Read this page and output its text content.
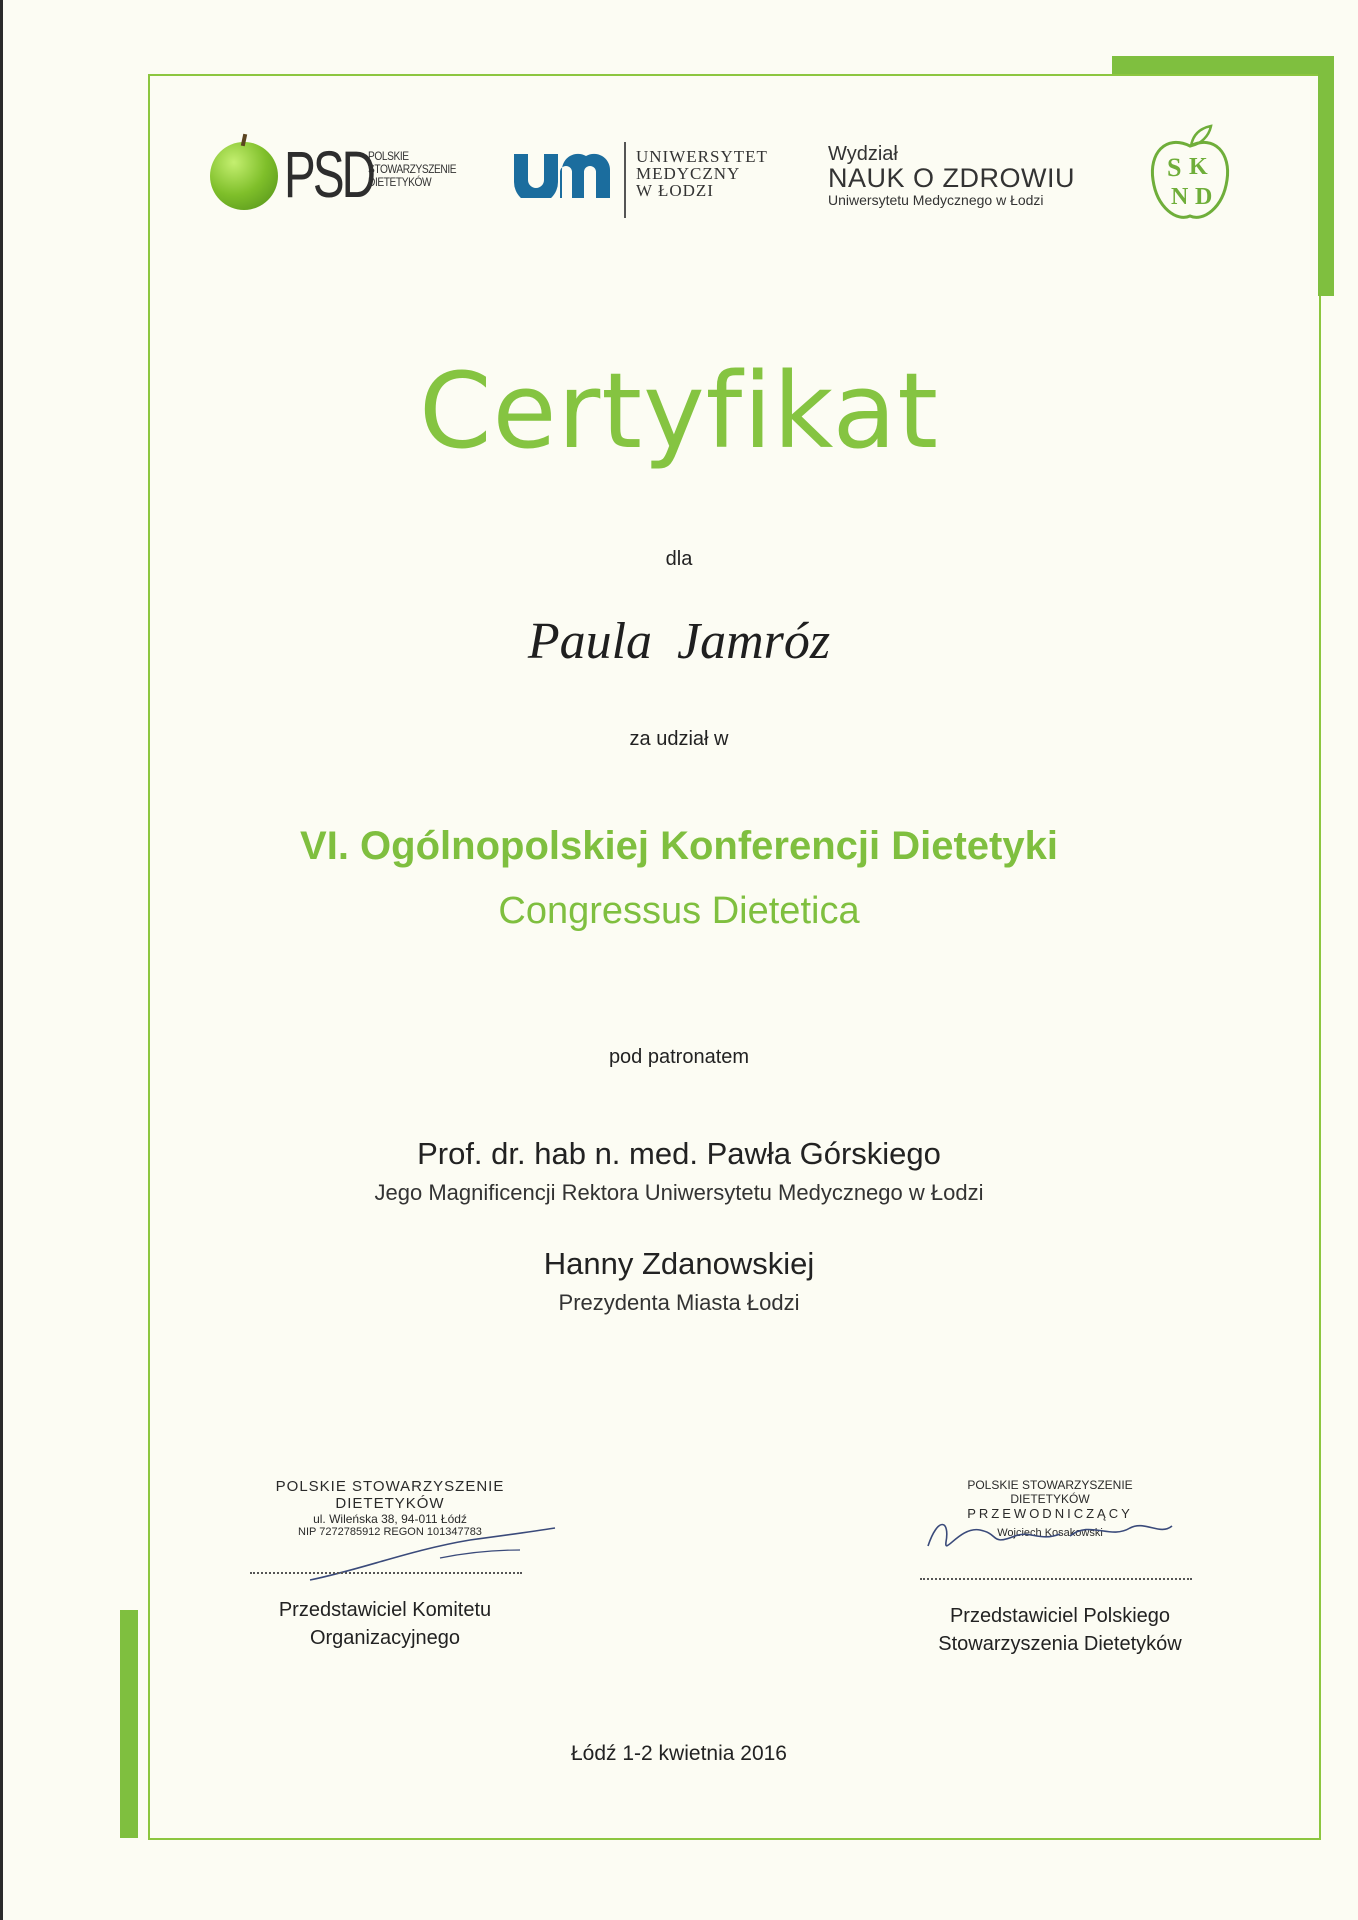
PSD
POLSKIE
STOWARZYSZENIE
DIETETYKÓW
UNIWERSYTET
MEDYCZNY
W ŁODZI
Wydział
NAUK O ZDROWIU
Uniwersytetu Medycznego w Łodzi
S K
N D
Certyfikat
dla
Paula Jamróz
za udział w
VI. Ogólnopolskiej Konferencji Dietetyki
Congressus Dietetica
pod patronatem
Prof. dr. hab n. med. Pawła Górskiego
Jego Magnificencji Rektora Uniwersytetu Medycznego w Łodzi
Hanny Zdanowskiej
Prezydenta Miasta Łodzi
POLSKIE STOWARZYSZENIE
DIETETYKÓW
ul. Wileńska 38, 94-011 Łódź
NIP 7272785912 REGON 101347783
Przedstawiciel Komitetu
Organizacyjnego
POLSKIE STOWARZYSZENIE
DIETETYKÓW
PRZEWODNICZĄCY
Wojciech Kosakowski
Przedstawiciel Polskiego
Stowarzyszenia Dietetyków
Łódź 1-2 kwietnia 2016
